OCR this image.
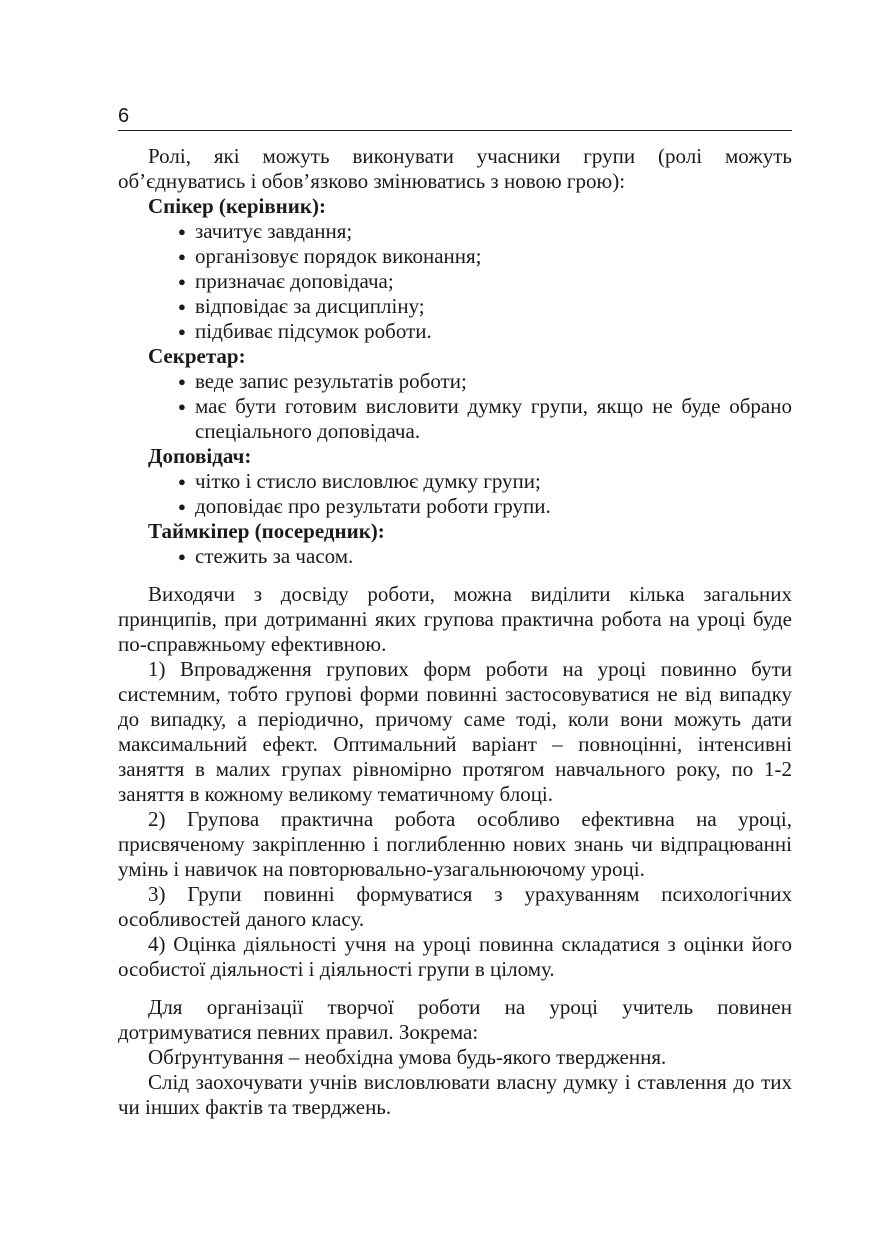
6

Ролі, які можуть виконувати учасники групи (ролі можуть об’єднуватись і обов’язково змінюватись з новою грою):

Спікер (керівник):
● зачитує завдання;
● організовує порядок виконання;
● призначає доповідача;
● відповідає за дисципліну;
● підбиває підсумок роботи.
Секретар:
● веде запис результатів роботи;
● має бути готовим висловити думку групи, якщо не буде обрано спеціального доповідача.
Доповідач:
● чітко і стисло висловлює думку групи;
● доповідає про результати роботи групи.
Таймкіпер (посередник):
● стежить за часом.

Виходячи з досвіду роботи, можна виділити кілька загальних принципів, при дотриманні яких групова практична робота на уроці буде по-справжньому ефективною.

1) Впровадження групових форм роботи на уроці повинно бути системним, тобто групові форми повинні застосовуватися не від випадку до випадку, а періодично, причому саме тоді, коли вони можуть дати максимальний ефект. Оптимальний варіант – повноцінні, інтенсивні заняття в малих групах рівномірно протягом навчального року, по 1-2 заняття в кожному великому тематичному блоці.

2) Групова практична робота особливо ефективна на уроці, присвяченому закріпленню і поглибленню нових знань чи відпрацюванні умінь і навичок на повторювально-узагальнюючому уроці.

3) Групи повинні формуватися з урахуванням психологічних особливостей даного класу.

4) Оцінка діяльності учня на уроці повинна складатися з оцінки його особистої діяльності і діяльності групи в цілому.

Для організації творчої роботи на уроці учитель повинен дотримуватися певних правил. Зокрема:

Обґрунтування – необхідна умова будь-якого твердження.

Слід заохочувати учнів висловлювати власну думку і ставлення до тих чи інших фактів та тверджень.
